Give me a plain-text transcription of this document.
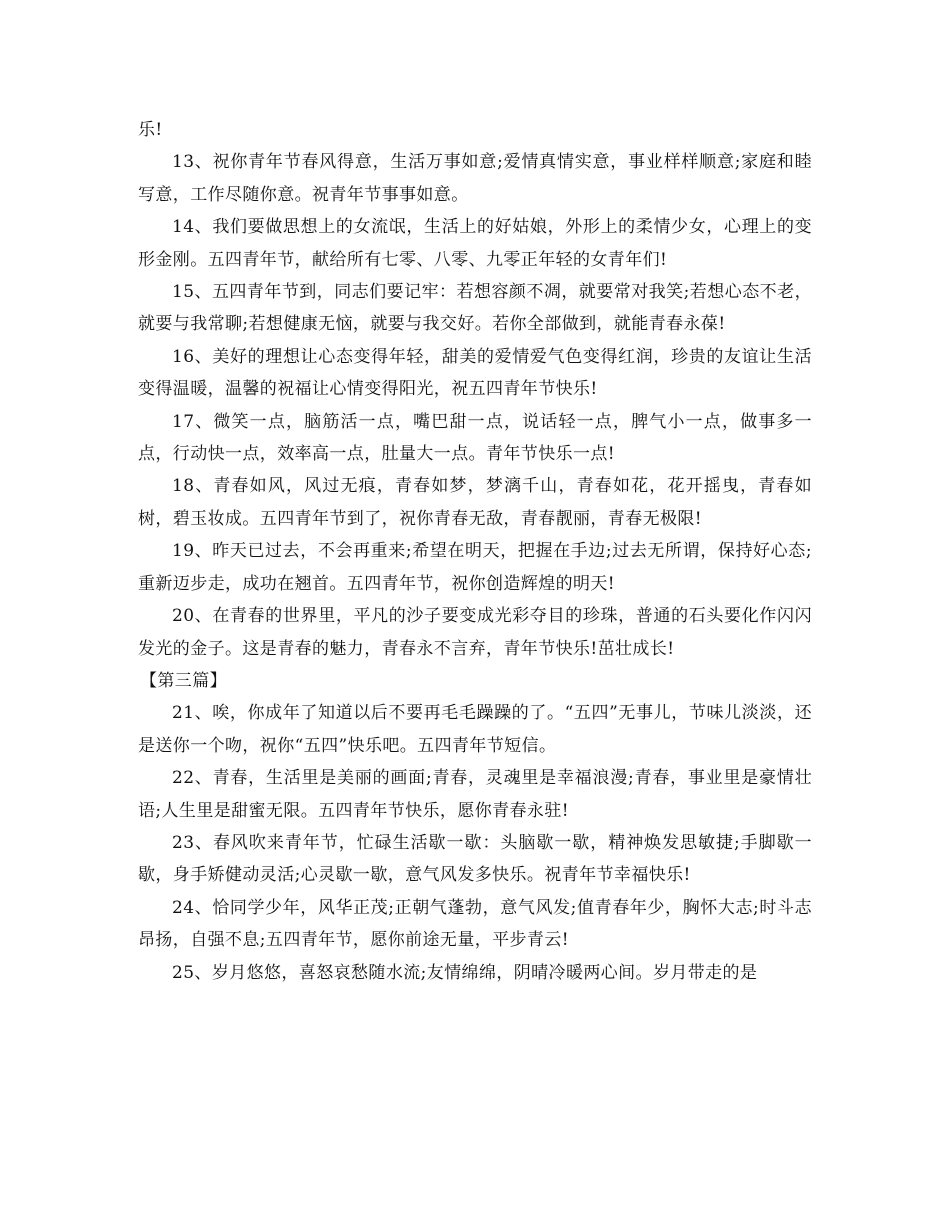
乐!

13、祝你青年节春风得意，生活万事如意;爱情真情实意，事业样样顺意;家庭和睦写意，工作尽随你意。祝青年节事事如意。

14、我们要做思想上的女流氓，生活上的好姑娘，外形上的柔情少女，心理上的变形金刚。五四青年节，献给所有七零、八零、九零正年轻的女青年们!

15、五四青年节到，同志们要记牢：若想容颜不凋，就要常对我笑;若想心态不老，就要与我常聊;若想健康无恼，就要与我交好。若你全部做到，就能青春永葆!

16、美好的理想让心态变得年轻，甜美的爱情爱气色变得红润，珍贵的友谊让生活变得温暖，温馨的祝福让心情变得阳光，祝五四青年节快乐!

17、微笑一点，脑筋活一点，嘴巴甜一点，说话轻一点，脾气小一点，做事多一点，行动快一点，效率高一点，肚量大一点。青年节快乐一点!

18、青春如风，风过无痕，青春如梦，梦漓千山，青春如花，花开摇曳，青春如树，碧玉妆成。五四青年节到了，祝你青春无敌，青春靓丽，青春无极限!

19、昨天已过去，不会再重来;希望在明天，把握在手边;过去无所谓，保持好心态;重新迈步走，成功在翘首。五四青年节，祝你创造辉煌的明天!

20、在青春的世界里，平凡的沙子要变成光彩夺目的珍珠，普通的石头要化作闪闪发光的金子。这是青春的魅力，青春永不言弃，青年节快乐!茁壮成长!

【第三篇】

21、唉，你成年了知道以后不要再毛毛躁躁的了。“五四”无事儿，节味儿淡淡，还是送你一个吻，祝你“五四”快乐吧。五四青年节短信。

22、青春，生活里是美丽的画面;青春，灵魂里是幸福浪漫;青春，事业里是豪情壮语;人生里是甜蜜无限。五四青年节快乐，愿你青春永驻!

23、春风吹来青年节，忙碌生活歇一歇：头脑歇一歇，精神焕发思敏捷;手脚歇一歇，身手矫健动灵活;心灵歇一歇，意气风发多快乐。祝青年节幸福快乐!

24、恰同学少年，风华正茂;正朝气蓬勃，意气风发;值青春年少，胸怀大志;时斗志昂扬，自强不息;五四青年节，愿你前途无量，平步青云!

25、岁月悠悠，喜怒哀愁随水流;友情绵绵，阴晴冷暖两心间。岁月带走的是
